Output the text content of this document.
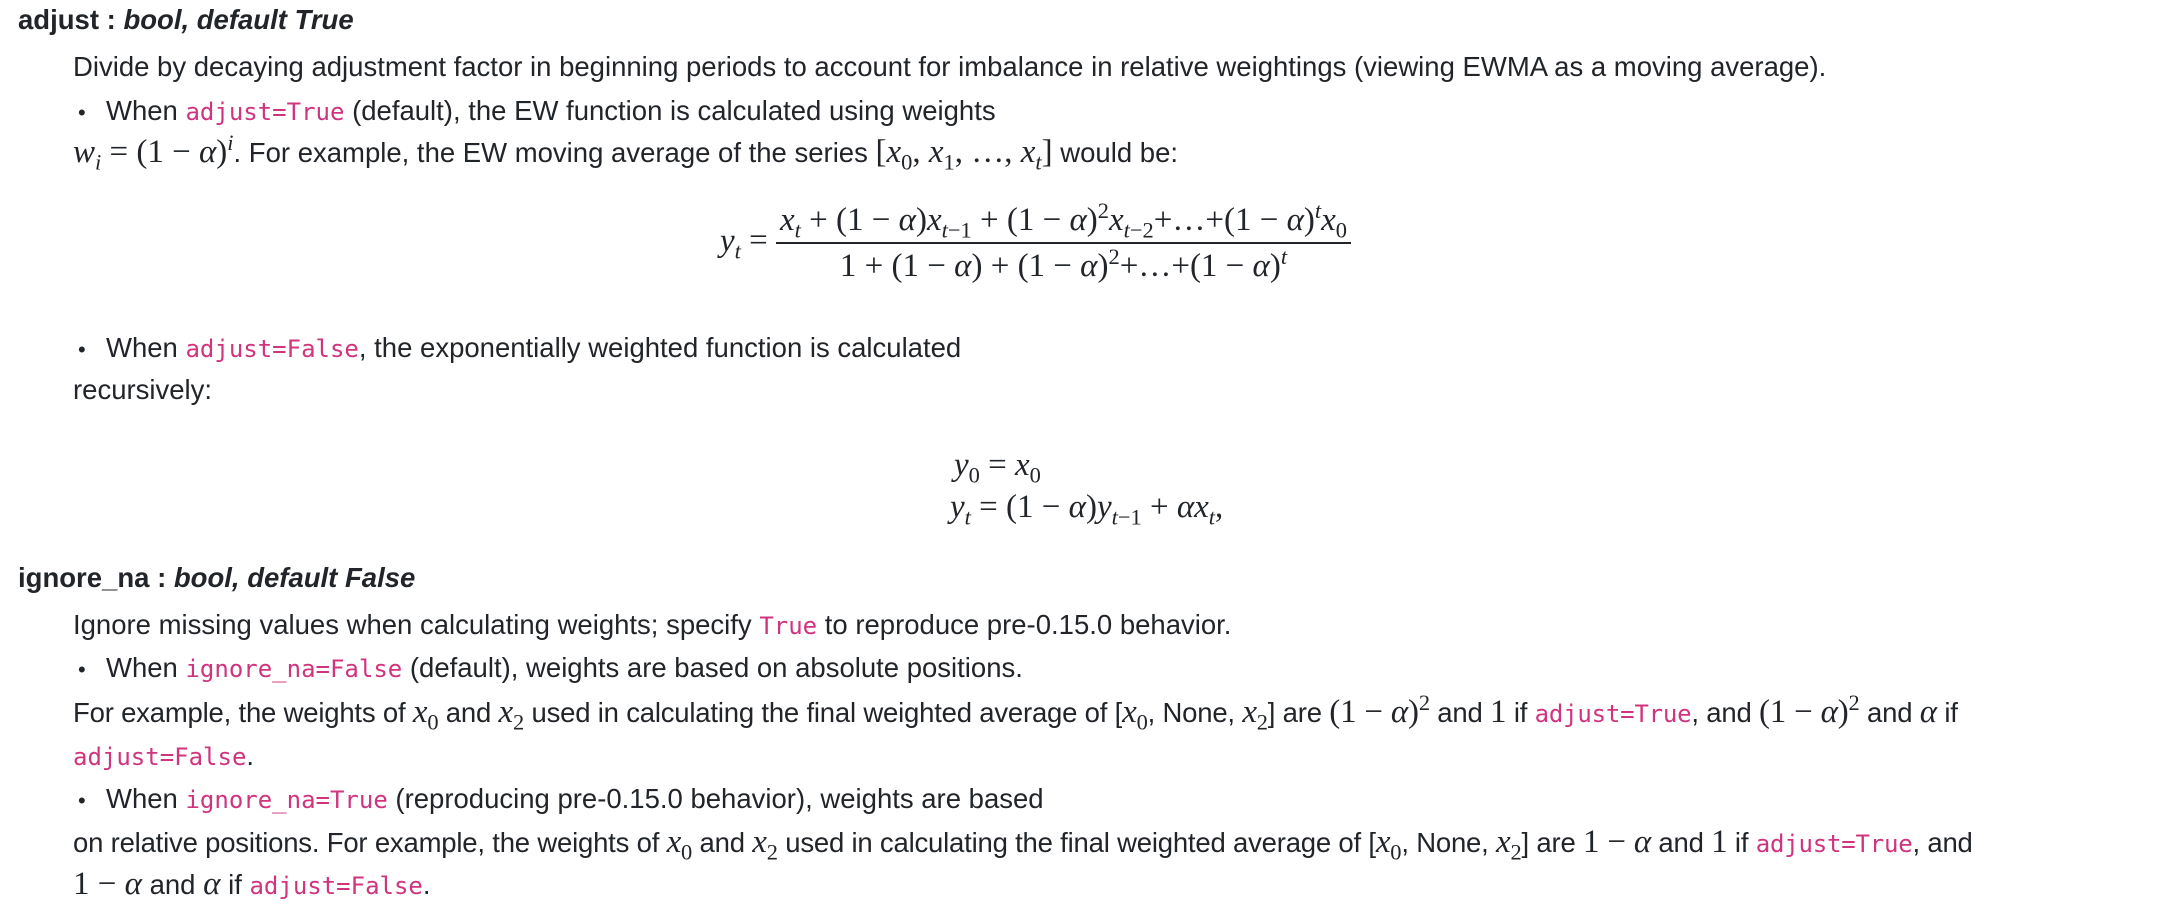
adjust : bool, default True
Divide by decaying adjustment factor in beginning periods to account for imbalance in relative weightings (viewing EWMA as a moving average).
• When adjust=True (default), the EW function is calculated using weights
$w_i = (1 - \alpha)^i$. For example, the EW moving average of the series [$x_0$, $x_1$, …, $x_t$] would be:
$y_t = \frac{x_t + (1 - \alpha)x_{t-1} + (1 - \alpha)^2x_{t-2}+\dots+(1 - \alpha)^tx_0}{1 + (1 - \alpha) + (1 - \alpha)^2+\dots+(1 - \alpha)^t}$
• When adjust=False, the exponentially weighted function is calculated
recursively:
$y_0 = x_0$
$y_t = (1 - \alpha)y_{t-1} + \alpha x_t$,
ignore_na : bool, default False
Ignore missing values when calculating weights; specify True to reproduce pre-0.15.0 behavior.
• When ignore_na=False (default), weights are based on absolute positions.
For example, the weights of $x_0$ and $x_2$ used in calculating the final weighted average of [$x_0$, None, $x_2$] are $(1 - \alpha)^2$ and 1 if adjust=True, and $(1 - \alpha)^2$ and α if
adjust=False.
• When ignore_na=True (reproducing pre-0.15.0 behavior), weights are based
on relative positions. For example, the weights of $x_0$ and $x_2$ used in calculating the final weighted average of [$x_0$, None, $x_2$] are 1 − α and 1 if adjust=True, and
1 − α and α if adjust=False.
